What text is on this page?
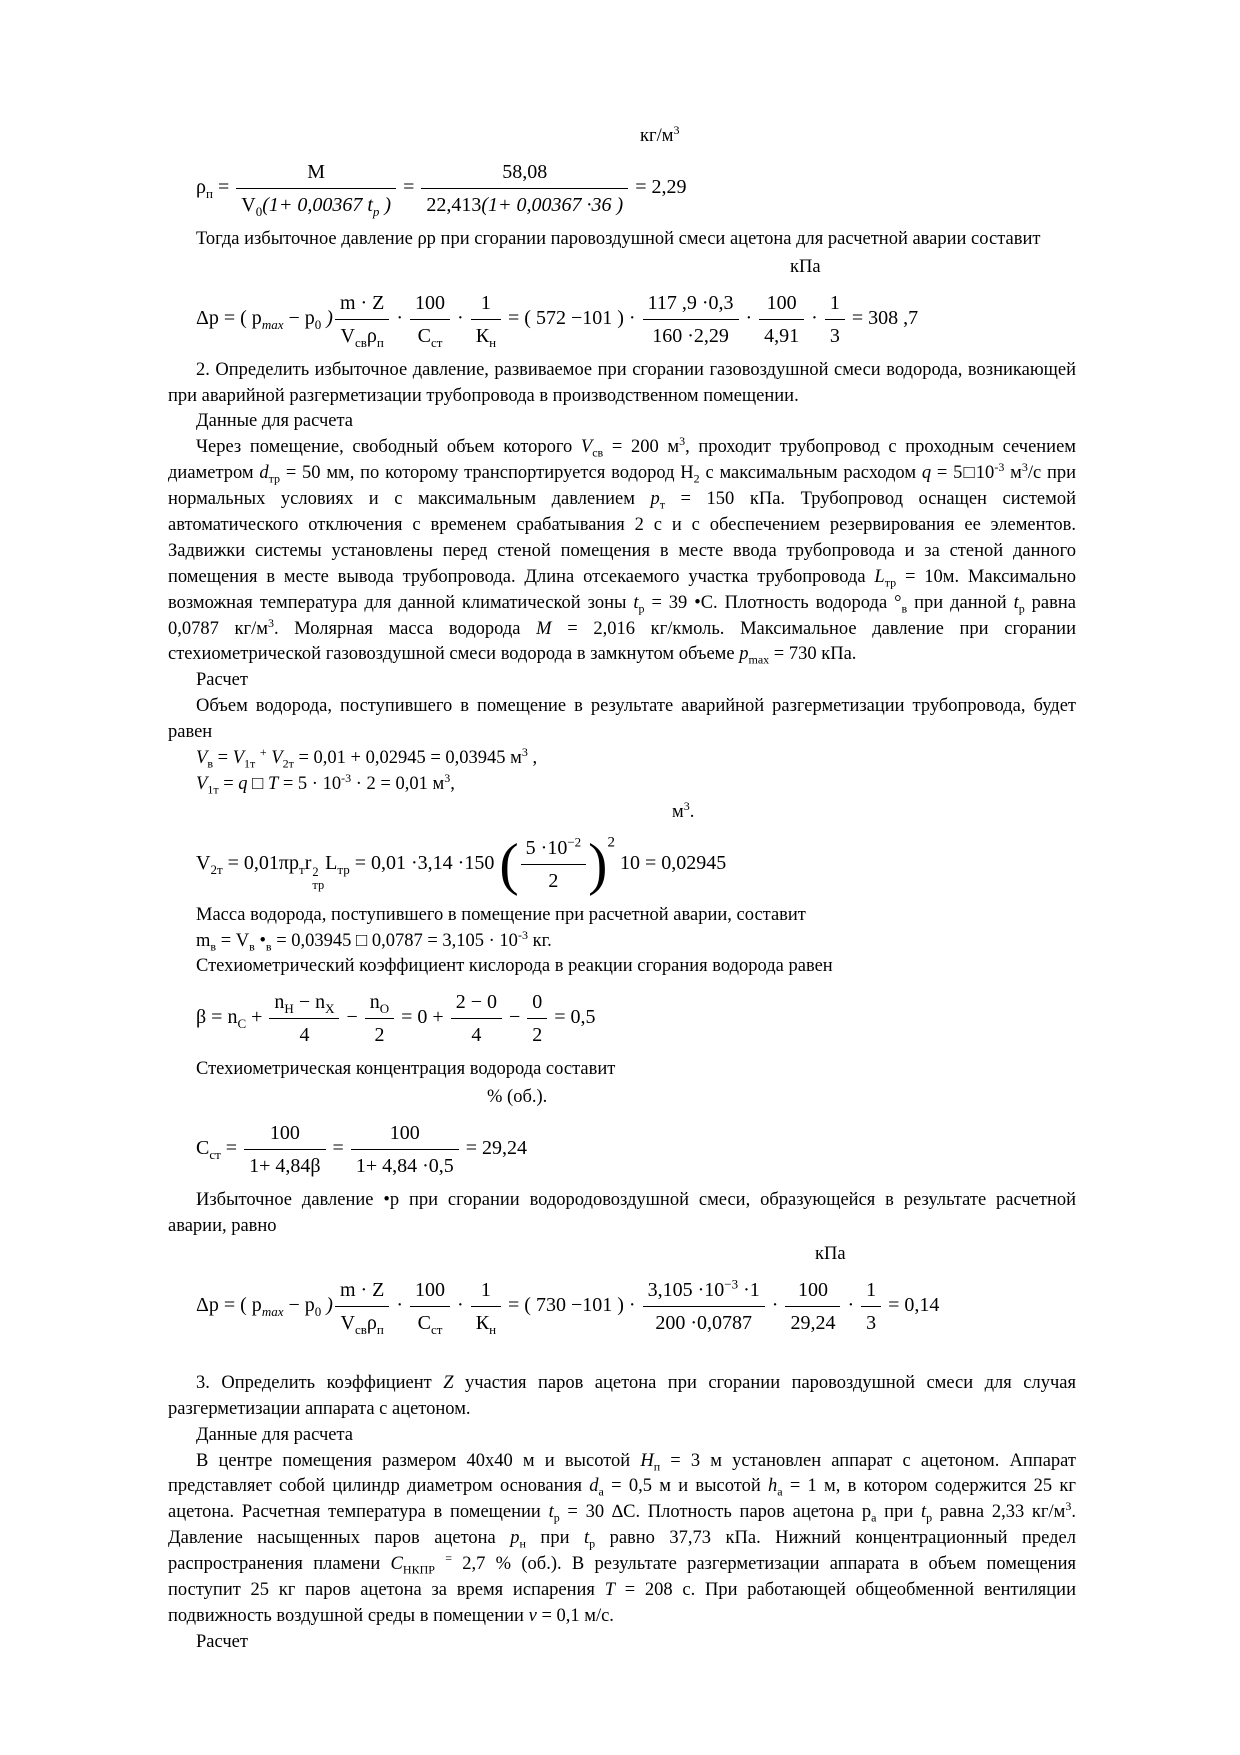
$кг/м^3$
$\rho_п$ =
М
$V_0(1+ 0,00367$ $t_р$ )
= $\frac{58,08}{22,413(1+ 0,00367 \cdot 36 )} = 2,29$

Тогда избыточное давление ρр при сгорании паровоздушной смеси ацетона для расчетной аварии составит

кПа
Δp = ( $p_{max} - p_0$ )
m · Z
$V_{св}\rho_п$
·
100
$С_{ст}$
·
1
$К_н$
= ( 572 −101 ) · $\frac{117 ,9 \cdot 0,3}{160 \cdot 2,29} \cdot \frac{100}{4,91} \cdot \frac{1}{3} = 308$ ,7

2. Определить избыточное давление, развиваемое при сгорании газовоздушной смеси водорода, возникающей при аварийной разгерметизации трубопровода в производственном помещении.

Данные для расчета

Через помещение, свободный объем которого $V_{св} = 200$ $м^3$, проходит трубопровод с проходным сечением диаметром $d_{тр} = 50$ мм, по которому транспортируется водород $Н_2$ с максимальным расходом $q = 5□10^{-3}$ $м^3/с$ при нормальных условиях и с максимальным давлением $р_т = 150$ кПа. Трубопровод оснащен системой автоматического отключения с временем срабатывания 2 с и с обеспечением резервирования ее элементов. Задвижки системы установлены перед стеной помещения в месте ввода трубопровода и за стеной данного помещения в месте вывода трубопровода. Длина отсекаемого участка трубопровода $L_{тр} = 10м$. Максимально возможная температура для данной климатической зоны $t_р = 39$ •С. Плотность водорода $^\circ_в$ при данной $t_р$ равна 0,0787 $кг/м^3$. Молярная масса водорода М = 2,016 кг/кмоль. Максимальное давление при сгорании стехиометрической газовоздушной смеси водорода в замкнутом объеме $р_{max} = 730$ кПа.

Расчет

Объем водорода, поступившего в помещение в результате аварийной разгерметизации трубопровода, будет равен

$V_в = V_{1т}$ + $V_{2т} = 0,01 + 0,02945 = 0,03945$ $м^3$ ,

$V_{1т} = q$ □ $Т = 5 \cdot 10^{-3} \cdot 2 = 0,01$ $м^3$,

$м^3$.
$V_{2т} = 0,01\pi р_тr$ 2
тр
$L_{тр} = 0,01 \cdot 3,14 \cdot 150$ ( $\frac{5 \cdot 10^{-2}}{2} )^2$ 10 = 0,02945

Масса водорода, поступившего в помещение при расчетной аварии, составит

$m_в = V_в$ $•_в = 0,03945$ □ $0,0787 = 3,105 \cdot 10^{-3}$ кг.

Стехиометрический коэффициент кислорода в реакции сгорания водорода равен

$\beta = n_C + \frac{n_H - n_X}{4} - \frac{n_O}{2} = 0 + \frac{2 - 0}{4} - \frac{0}{2} = 0,5$

Стехиометрическая концентрация водорода составит

% (об.).
$С_{ст} = \frac{100}{1+ 4,84\beta} = \frac{100}{1+ 4,84 \cdot 0,5} = 29,24$

Избыточное давление •р при сгорании водородовоздушной смеси, образующейся в результате расчетной аварии, равно

кПа
Δp = ( $p_{max} - p_0$ )
m · Z
$V_{св}\rho_п$
·
100
$С_{ст}$
·
1
$К_н$
= ( 730 −101 ) · $\frac{3,105 \cdot 10^{-3} \cdot 1}{200 \cdot 0,0787} \cdot \frac{100}{29,24} \cdot \frac{1}{3} = 0,14$

3. Определить коэффициент Z участия паров ацетона при сгорании паровоздушной смеси для случая разгерметизации аппарата с ацетоном.

Данные для расчета

В центре помещения размером 40х40 м и высотой $Н_п = 3$ м установлен аппарат с ацетоном. Аппарат представляет собой цилиндр диаметром основания $d_а = 0,5$ м и высотой $h_а = 1$ м, в котором содержится 25 кг ацетона. Расчетная температура в помещении $t_р = 30$ ∆С. Плотность паров ацетона $р_а$ при $t_р$ равна 2,33 $кг/м^3$. Давление насыщенных паров ацетона $р_н$ при $t_р$ равно 37,73 кПа. Нижний концентрационный предел распространения пламени $С_{НКПР}$ = 2,7 % (об.). В результате разгерметизации аппарата в объем помещения поступит 25 кг паров ацетона за время испарения Т = 208 с. При работающей общеобменной вентиляции подвижность воздушной среды в помещении v = 0,1 м/с.

Расчет
